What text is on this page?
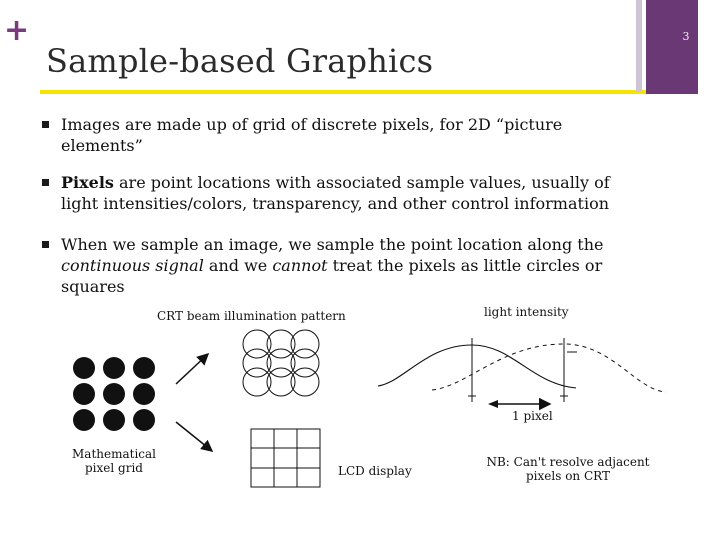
+
Sample-based Graphics
3
Images are made up of grid of discrete pixels, for 2D “picture elements”
Pixels are point locations with associated sample values, usually of light intensities/colors, transparency, and other control information
When we sample an image, we sample the point location along the continuous signal and we cannot treat the pixels as little circles or squares
CRT beam illumination pattern	light intensity
1 pixel
Mathematical pixel grid	LCD display
NB: Can't resolve adjacent pixels on CRT
